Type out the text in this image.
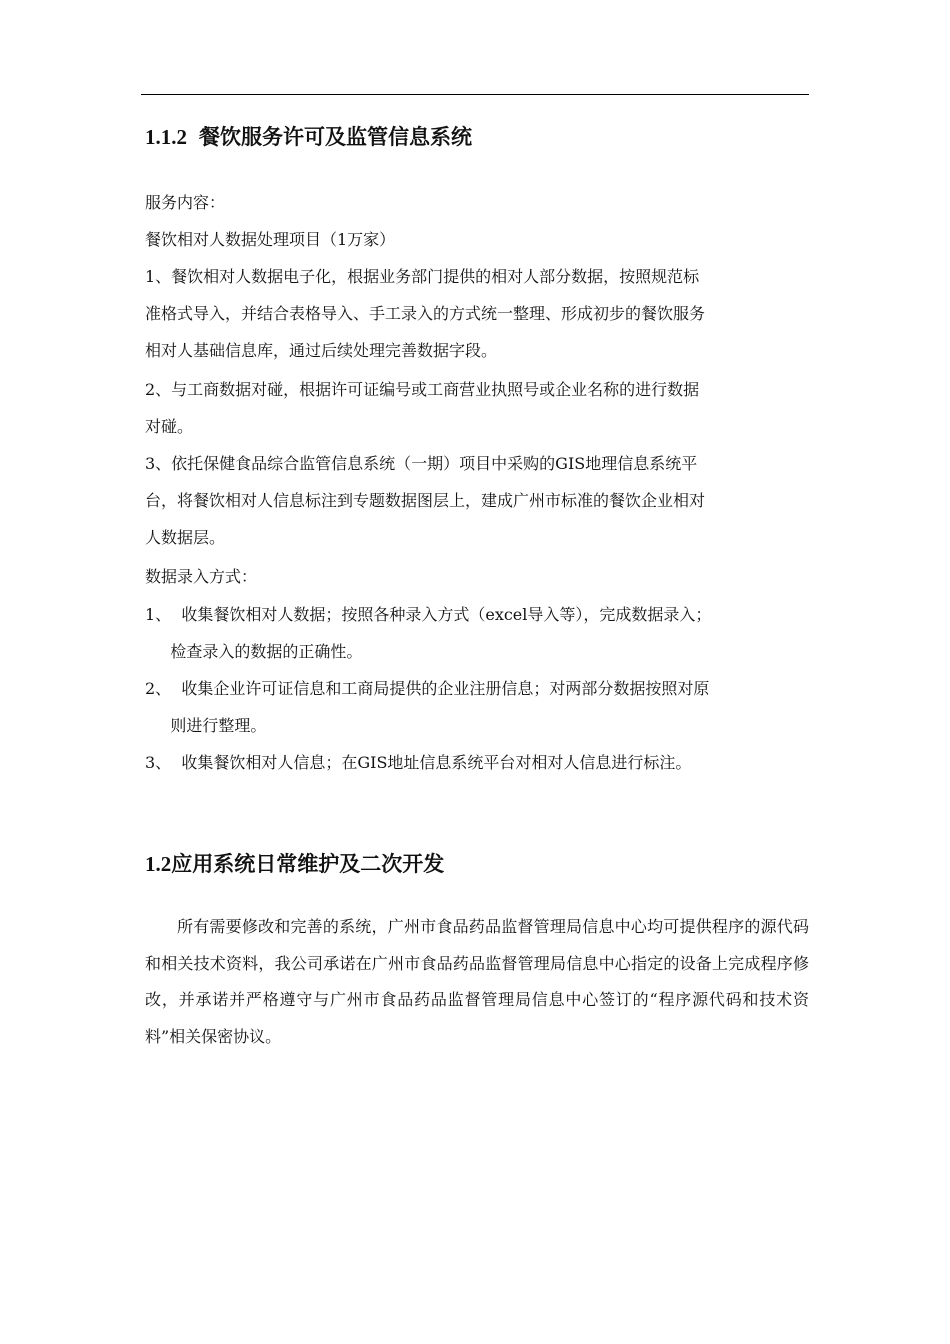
1.1.2 餐饮服务许可及监管信息系统

服务内容：

餐饮相对人数据处理项目（1万家）

1、餐饮相对人数据电子化，根据业务部门提供的相对人部分数据，按照规范标

准格式导入，并结合表格导入、手工录入的方式统一整理、形成初步的餐饮服务

相对人基础信息库，通过后续处理完善数据字段。

2、与工商数据对碰，根据许可证编号或工商营业执照号或企业名称的进行数据

对碰。

3、依托保健食品综合监管信息系统（一期）项目中采购的GIS地理信息系统平

台，将餐饮相对人信息标注到专题数据图层上，建成广州市标准的餐饮企业相对

人数据层。

数据录入方式：

1、  收集餐饮相对人数据；按照各种录入方式（excel导入等），完成数据录入；

检查录入的数据的正确性。

2、  收集企业许可证信息和工商局提供的企业注册信息；对两部分数据按照对原

则进行整理。

3、  收集餐饮相对人信息；在GIS地址信息系统平台对相对人信息进行标注。

1.2应用系统日常维护及二次开发

所有需要修改和完善的系统，广州市食品药品监督管理局信息中心均可提供程序的源代码和相关技术资料，我公司承诺在广州市食品药品监督管理局信息中心指定的设备上完成程序修改，并承诺并严格遵守与广州市食品药品监督管理局信息中心签订的“程序源代码和技术资料”相关保密协议。
